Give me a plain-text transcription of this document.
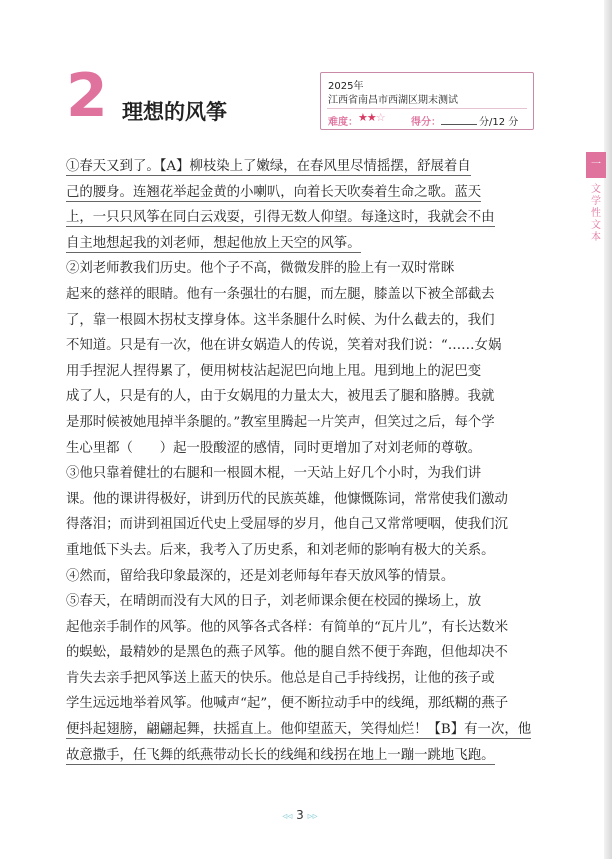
2 理想的风筝
2025年
江西省南昌市西湖区期末测试
难度： ★★☆	得分：	分/12 分
一
文学性文本
①春天又到了。【A】柳枝染上了嫩绿，在春风里尽情摇摆，舒展着自
己的腰身。连翘花举起金黄的小喇叭，向着长天吹奏着生命之歌。蓝天
上，一只只风筝在同白云戏耍，引得无数人仰望。每逢这时，我就会不由
自主地想起我的刘老师，想起他放上天空的风筝。
②刘老师教我们历史。他个子不高，微微发胖的脸上有一双时常眯
起来的慈祥的眼睛。他有一条强壮的右腿，而左腿，膝盖以下被全部截去
了，靠一根圆木拐杖支撑身体。这半条腿什么时候、为什么截去的，我们
不知道。只是有一次，他在讲女娲造人的传说，笑着对我们说：“……女娲
用手捏泥人捏得累了，便用树枝沾起泥巴向地上甩。甩到地上的泥巴变
成了人，只是有的人，由于女娲甩的力量太大，被甩丢了腿和胳膊。我就
是那时候被她甩掉半条腿的。”教室里腾起一片笑声，但笑过之后，每个学
生心里都（　　）起一股酸涩的感情，同时更增加了对刘老师的尊敬。
③他只靠着健壮的右腿和一根圆木棍，一天站上好几个小时，为我们讲
课。他的课讲得极好，讲到历代的民族英雄，他慷慨陈词，常常使我们激动
得落泪；而讲到祖国近代史上受屈辱的岁月，他自己又常常哽咽，使我们沉
重地低下头去。后来，我考入了历史系，和刘老师的影响有极大的关系。
④然而，留给我印象最深的，还是刘老师每年春天放风筝的情景。
⑤春天，在晴朗而没有大风的日子，刘老师课余便在校园的操场上，放
起他亲手制作的风筝。他的风筝各式各样：有简单的“瓦片儿”，有长达数米
的蜈蚣，最精妙的是黑色的燕子风筝。他的腿自然不便于奔跑，但他却决不
肯失去亲手把风筝送上蓝天的快乐。他总是自己手持线拐，让他的孩子或
学生远远地举着风筝。他喊声“起”，便不断拉动手中的线绳，那纸糊的燕子
便抖起翅膀，翩翩起舞，扶摇直上。他仰望蓝天，笑得灿烂！【B】有一次，他
故意撒手，任飞舞的纸燕带动长长的线绳和线拐在地上一蹦一跳地飞跑。
◃◃ 3 ▹▹
